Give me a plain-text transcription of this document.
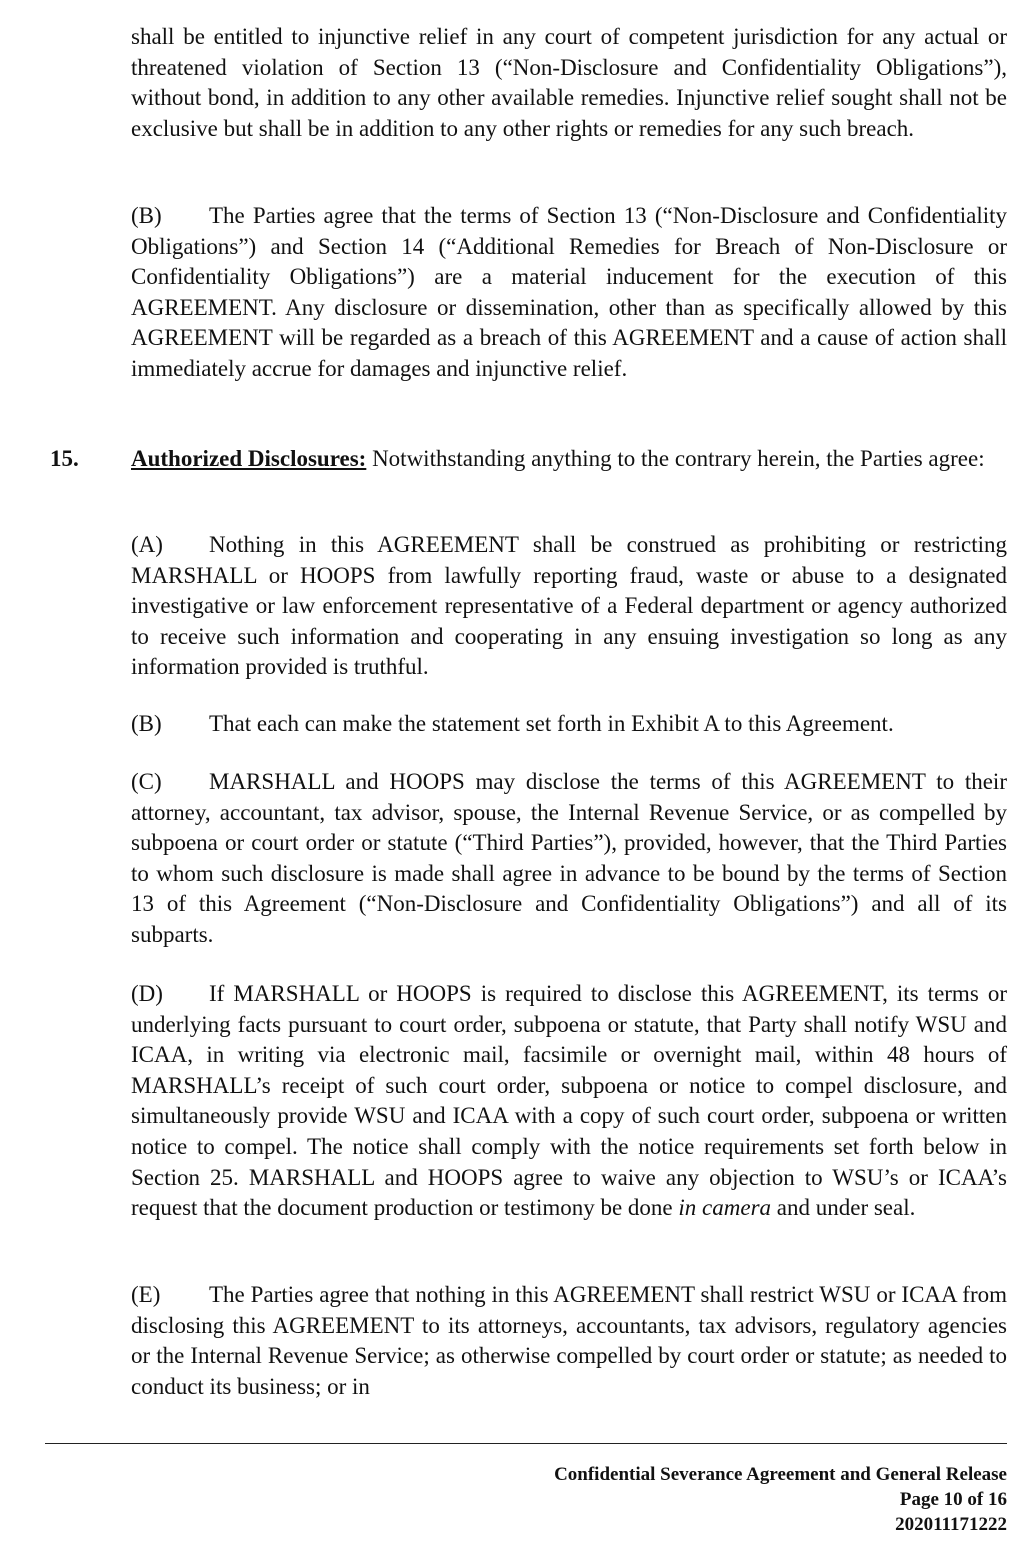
shall be entitled to injunctive relief in any court of competent jurisdiction for any actual or threatened violation of Section 13 (“Non-Disclosure and Confidentiality Obligations”), without bond, in addition to any other available remedies. Injunctive relief sought shall not be exclusive but shall be in addition to any other rights or remedies for any such breach.

(B) The Parties agree that the terms of Section 13 (“Non-Disclosure and Confidentiality Obligations”) and Section 14 (“Additional Remedies for Breach of Non-Disclosure or Confidentiality Obligations”) are a material inducement for the execution of this AGREEMENT. Any disclosure or dissemination, other than as specifically allowed by this AGREEMENT will be regarded as a breach of this AGREEMENT and a cause of action shall immediately accrue for damages and injunctive relief.

15. Authorized Disclosures: Notwithstanding anything to the contrary herein, the Parties agree:

(A) Nothing in this AGREEMENT shall be construed as prohibiting or restricting MARSHALL or HOOPS from lawfully reporting fraud, waste or abuse to a designated investigative or law enforcement representative of a Federal department or agency authorized to receive such information and cooperating in any ensuing investigation so long as any information provided is truthful.

(B) That each can make the statement set forth in Exhibit A to this Agreement.

(C) MARSHALL and HOOPS may disclose the terms of this AGREEMENT to their attorney, accountant, tax advisor, spouse, the Internal Revenue Service, or as compelled by subpoena or court order or statute (“Third Parties”), provided, however, that the Third Parties to whom such disclosure is made shall agree in advance to be bound by the terms of Section 13 of this Agreement (“Non-Disclosure and Confidentiality Obligations”) and all of its subparts.

(D) If MARSHALL or HOOPS is required to disclose this AGREEMENT, its terms or underlying facts pursuant to court order, subpoena or statute, that Party shall notify WSU and ICAA, in writing via electronic mail, facsimile or overnight mail, within 48 hours of MARSHALL’s receipt of such court order, subpoena or notice to compel disclosure, and simultaneously provide WSU and ICAA with a copy of such court order, subpoena or written notice to compel. The notice shall comply with the notice requirements set forth below in Section 25. MARSHALL and HOOPS agree to waive any objection to WSU’s or ICAA’s request that the document production or testimony be done in camera and under seal.

(E) The Parties agree that nothing in this AGREEMENT shall restrict WSU or ICAA from disclosing this AGREEMENT to its attorneys, accountants, tax advisors, regulatory agencies or the Internal Revenue Service; as otherwise compelled by court order or statute; as needed to conduct its business; or in

Confidential Severance Agreement and General Release
Page 10 of 16
202011171222
